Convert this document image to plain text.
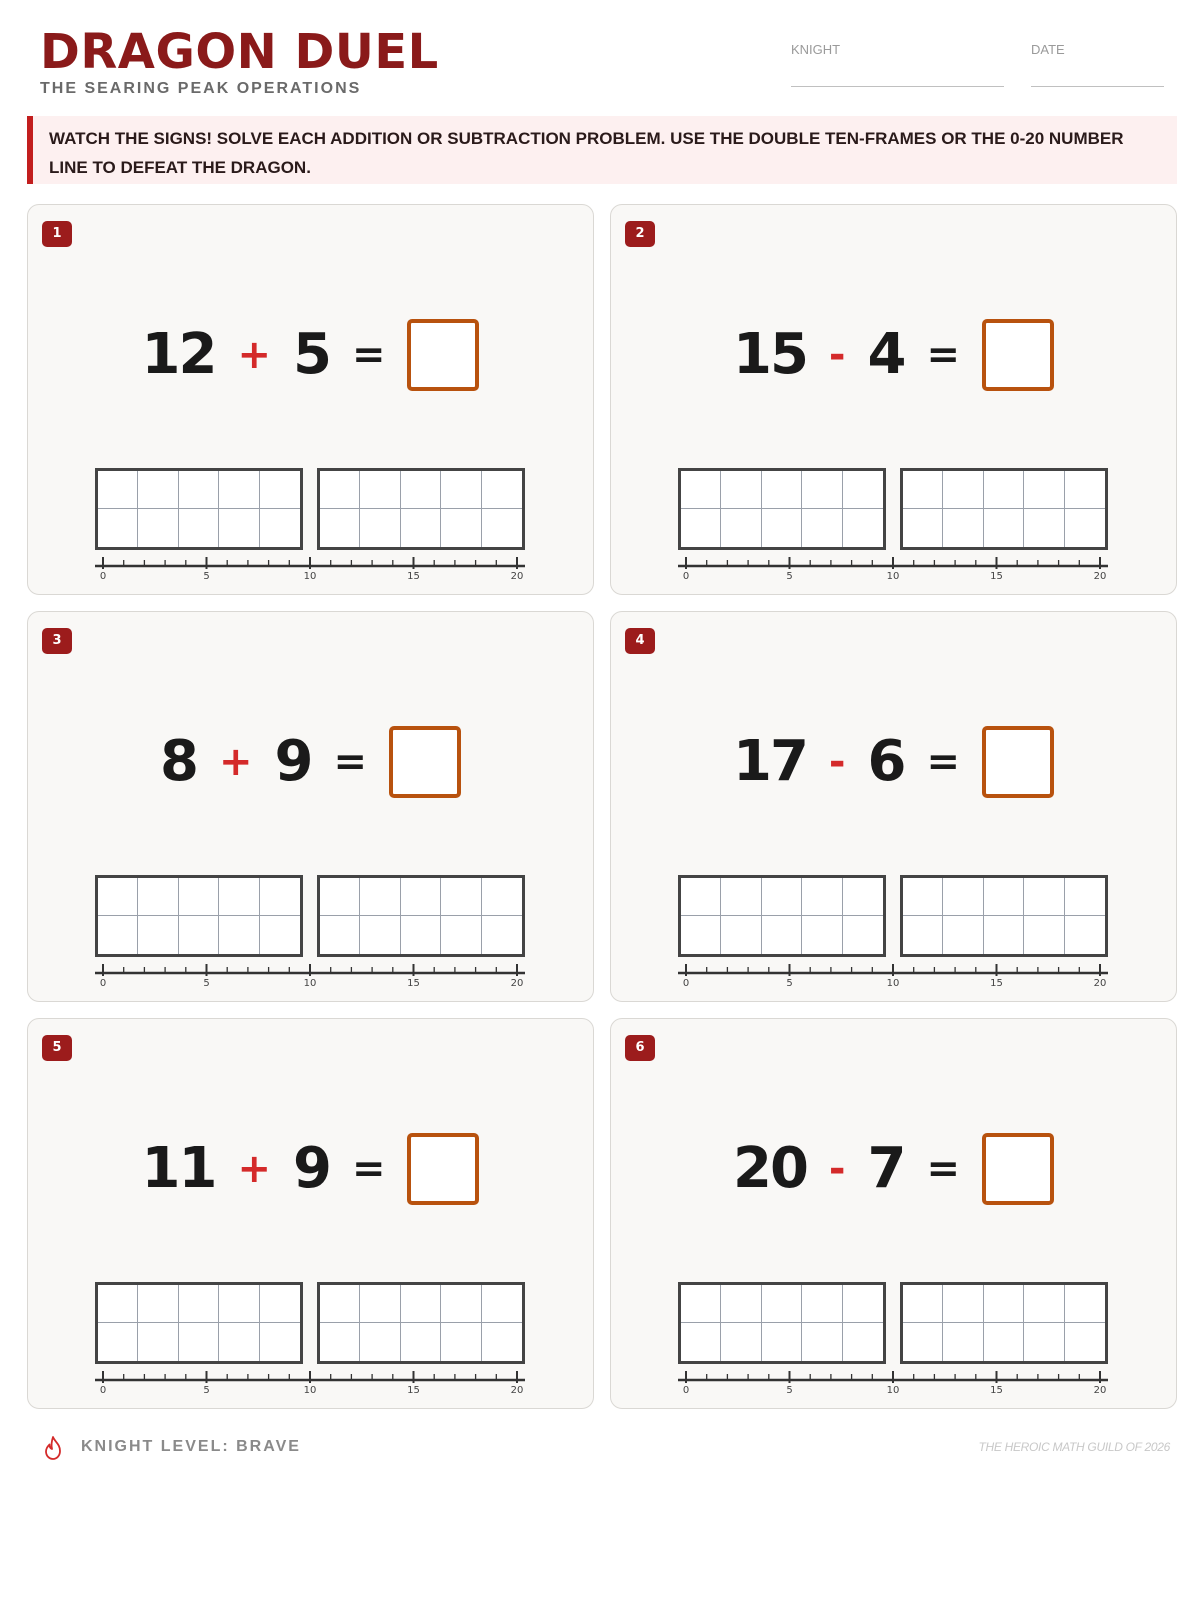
DRAGON DUEL
THE SEARING PEAK OPERATIONS
KNIGHT	DATE
WATCH THE SIGNS! SOLVE EACH ADDITION OR SUBTRACTION PROBLEM. USE THE DOUBLE TEN-FRAMES OR THE 0-20 NUMBER LINE TO DEFEAT THE DRAGON.
1
12 + 5 =
0	5	10	15	20
2
15 - 4 =
0	5	10	15	20
3
8 + 9 =
0	5	10	15	20
4
17 - 6 =
0	5	10	15	20
5
11 + 9 =
0	5	10	15	20
6
20 - 7 =
0	5	10	15	20
KNIGHT LEVEL: BRAVE	THE HEROIC MATH GUILD OF 2026
